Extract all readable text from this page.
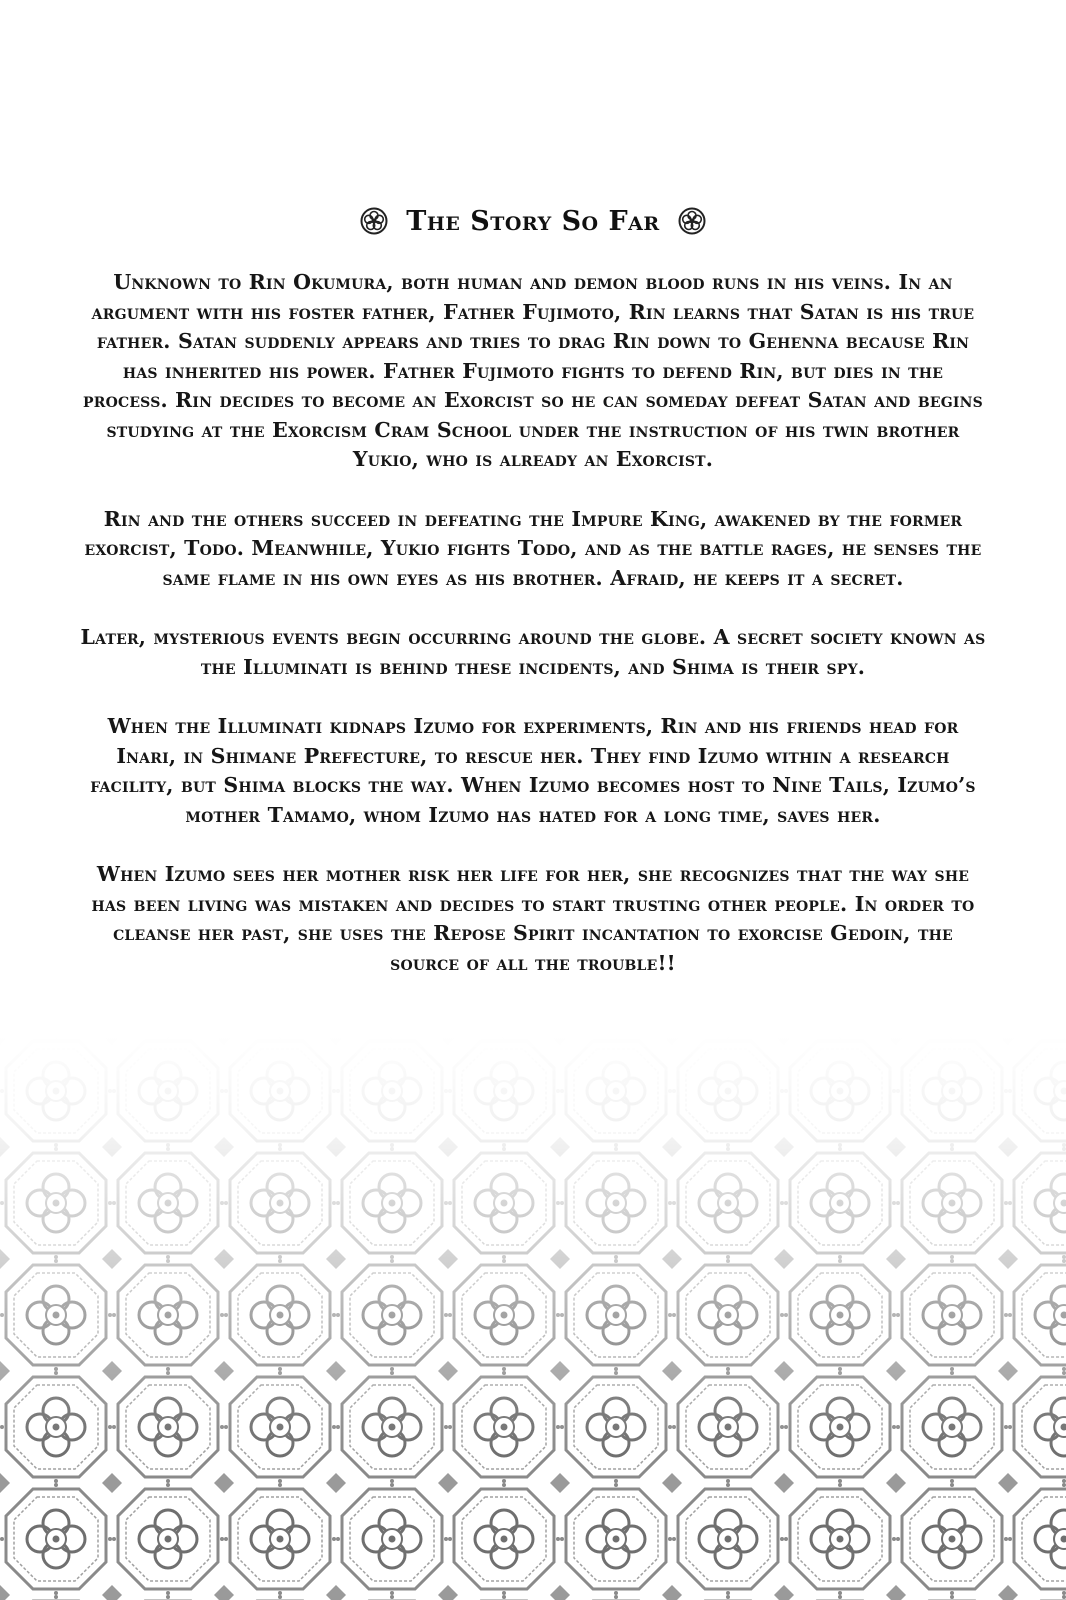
The Story So Far

Unknown to Rin Okumura, both human and demon blood runs in his veins. In an argument with his foster father, Father Fujimoto, Rin learns that Satan is his true father. Satan suddenly appears and tries to drag Rin down to Gehenna because Rin has inherited his power. Father Fujimoto fights to defend Rin, but dies in the process. Rin decides to become an Exorcist so he can someday defeat Satan and begins studying at the Exorcism Cram School under the instruction of his twin brother Yukio, who is already an Exorcist.

Rin and the others succeed in defeating the Impure King, awakened by the former exorcist, Todo. Meanwhile, Yukio fights Todo, and as the battle rages, he senses the same flame in his own eyes as his brother. Afraid, he keeps it a secret.

Later, mysterious events begin occurring around the globe. A secret society known as the Illuminati is behind these incidents, and Shima is their spy.

When the Illuminati kidnaps Izumo for experiments, Rin and his friends head for Inari, in Shimane Prefecture, to rescue her. They find Izumo within a research facility, but Shima blocks the way. When Izumo becomes host to Nine Tails, Izumo’s mother Tamamo, whom Izumo has hated for a long time, saves her.

When Izumo sees her mother risk her life for her, she recognizes that the way she has been living was mistaken and decides to start trusting other people. In order to cleanse her past, she uses the Repose Spirit incantation to exorcise Gedoin, the source of all the trouble!!
